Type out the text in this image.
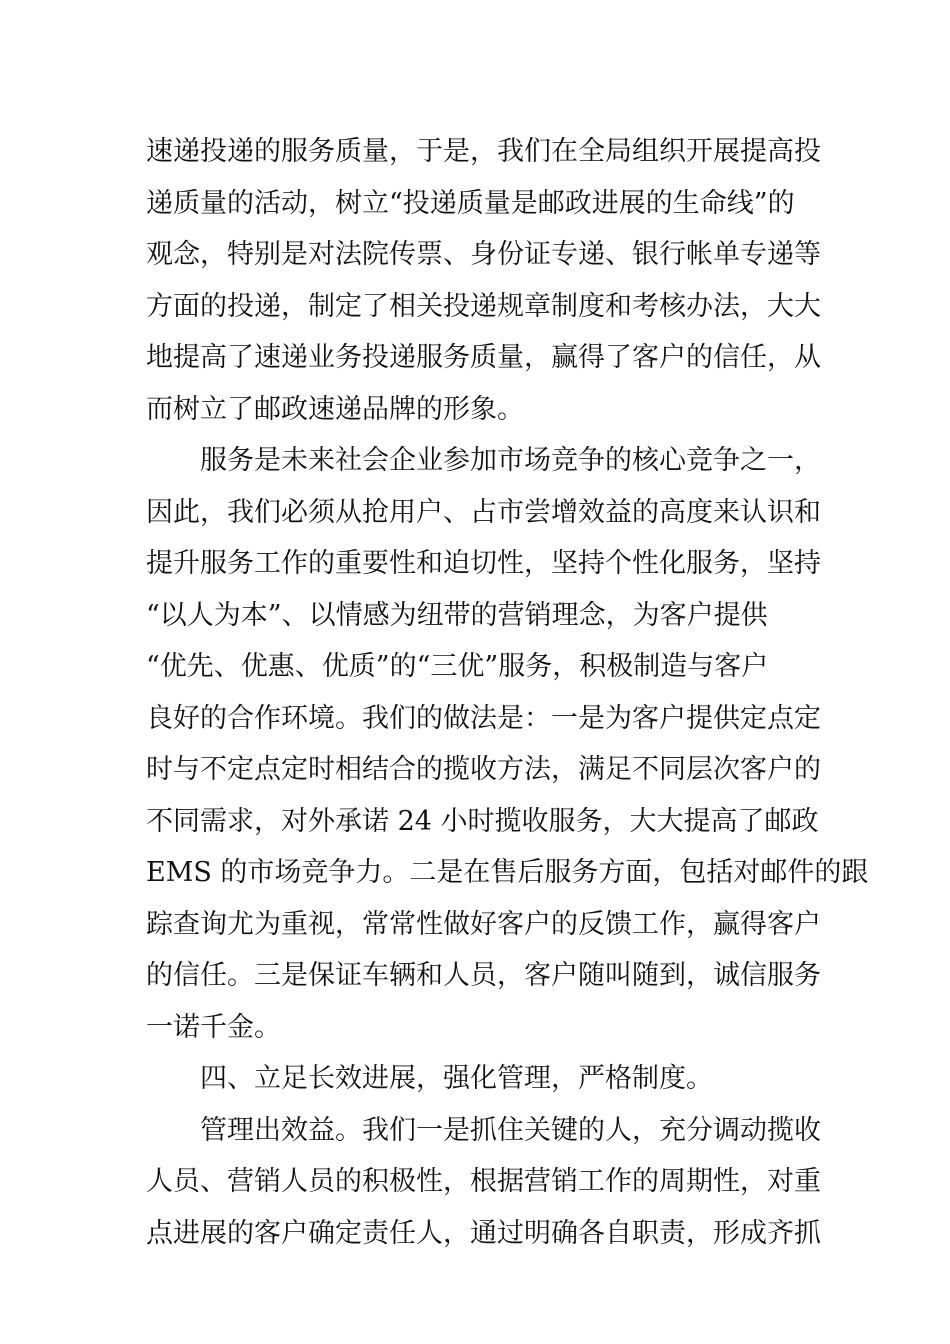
速递投递的服务质量，于是，我们在全局组织开展提高投
递质量的活动，树立“投递质量是邮政进展的生命线”的
观念，特别是对法院传票、身份证专递、银行帐单专递等
方面的投递，制定了相关投递规章制度和考核办法，大大
地提高了速递业务投递服务质量，赢得了客户的信任，从
而树立了邮政速递品牌的形象。
服务是未来社会企业参加市场竞争的核心竞争之一，
因此，我们必须从抢用户、占市尝增效益的高度来认识和
提升服务工作的重要性和迫切性，坚持个性化服务，坚持
“以人为本”、以情感为纽带的营销理念，为客户提供
“优先、优惠、优质”的“三优”服务，积极制造与客户
良好的合作环境。我们的做法是：一是为客户提供定点定
时与不定点定时相结合的揽收方法，满足不同层次客户的
不同需求，对外承诺 24 小时揽收服务，大大提高了邮政
EMS 的市场竞争力。二是在售后服务方面，包括对邮件的跟
踪查询尤为重视，常常性做好客户的反馈工作，赢得客户
的信任。三是保证车辆和人员，客户随叫随到，诚信服务
一诺千金。
四、立足长效进展，强化管理，严格制度。
管理出效益。我们一是抓住关键的人，充分调动揽收
人员、营销人员的积极性，根据营销工作的周期性，对重
点进展的客户确定责任人，通过明确各自职责，形成齐抓
